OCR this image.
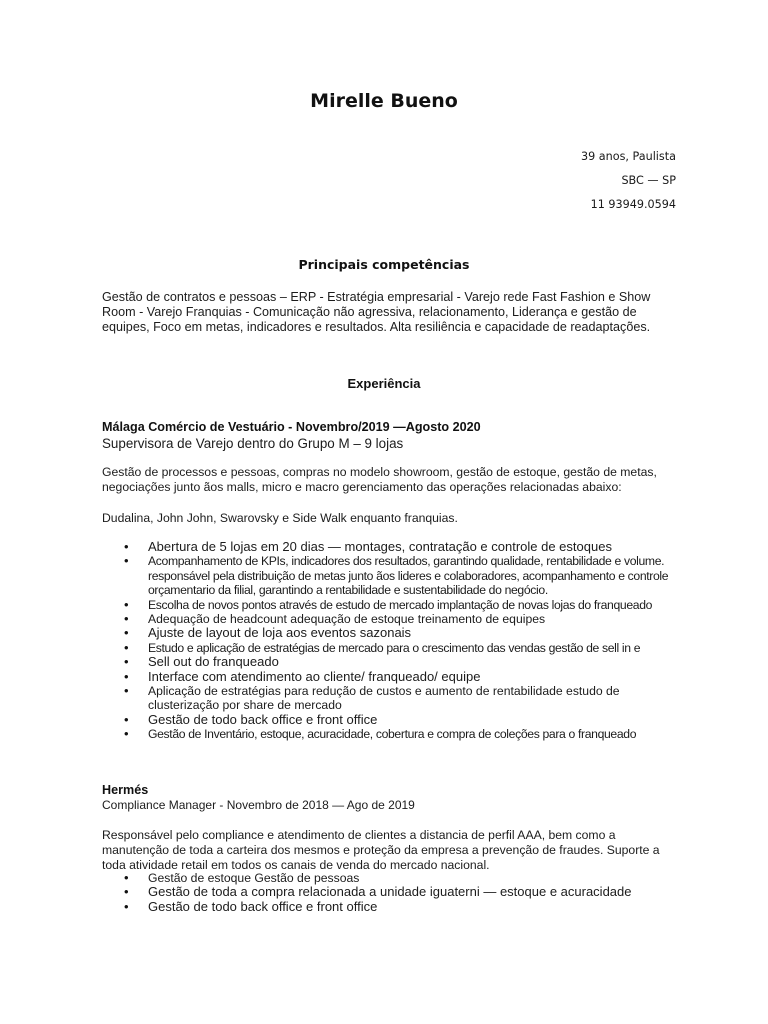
Mirelle Bueno
39 anos, Paulista
SBC — SP
11 93949.0594
Principais competências
Gestão de contratos e pessoas – ERP - Estratégia empresarial - Varejo rede Fast Fashion e Show Room - Varejo Franquias - Comunicação não agressiva, relacionamento, Liderança e gestão de equipes, Foco em metas, indicadores e resultados. Alta resiliência e capacidade de readaptações.
Experiência
Málaga Comércio de Vestuário - Novembro/2019 —Agosto 2020
Supervisora de Varejo dentro do Grupo M – 9 lojas
Gestão de processos e pessoas, compras no modelo showroom, gestão de estoque, gestão de metas, negociações junto ãos malls, micro e macro gerenciamento das operações relacionadas abaixo:
Dudalina, John John, Swarovsky e Side Walk enquanto franquias.
• Abertura de 5 lojas em 20 dias — montages, contratação e controle de estoques
• Acompanhamento de KPIs, indicadores dos resultados, garantindo qualidade, rentabilidade e volume. responsável pela distribuição de metas junto ãos lideres e colaboradores, acompanhamento e controle orçamentario da filial, garantindo a rentabilidade e sustentabilidade do negócio.
• Escolha de novos pontos através de estudo de mercado implantação de novas lojas do franqueado
• Adequação de headcount adequação de estoque treinamento de equipes
• Ajuste de layout de loja aos eventos sazonais
• Estudo e aplicação de estratégias de mercado para o crescimento das vendas gestão de sell in e
• Sell out do franqueado
• Interface com atendimento ao cliente/ franqueado/ equipe
• Aplicação de estratégias para redução de custos e aumento de rentabilidade estudo de clusterização por share de mercado
• Gestão de todo back office e front office
• Gestão de Inventário, estoque, acuracidade, cobertura e compra de coleções para o franqueado
Hermés
Compliance Manager - Novembro de 2018 — Ago de 2019
Responsável pelo compliance e atendimento de clientes a distancia de perfil AAA, bem como a manutenção de toda a carteira dos mesmos e proteção da empresa a prevenção de fraudes. Suporte a toda atividade retail em todos os canais de venda do mercado nacional.
• Gestão de estoque Gestão de pessoas
• Gestão de toda a compra relacionada a unidade iguaterni — estoque e acuracidade
• Gestão de todo back office e front office
